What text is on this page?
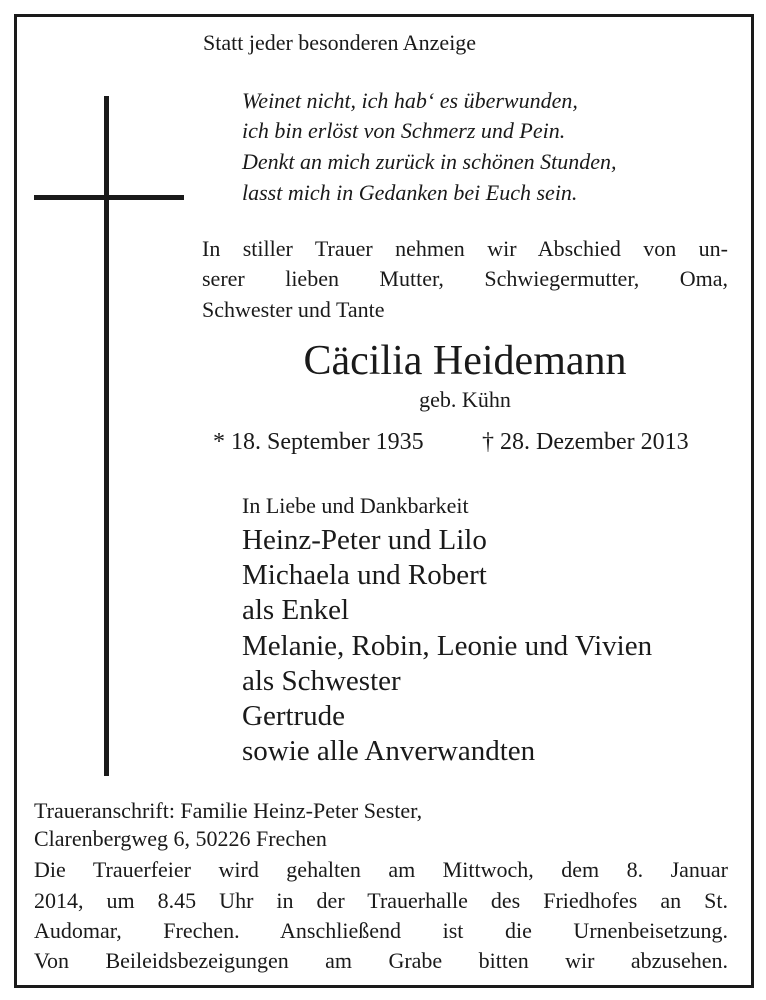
Statt jeder besonderen Anzeige
Weinet nicht, ich hab‘ es überwunden,
ich bin erlöst von Schmerz und Pein.
Denkt an mich zurück in schönen Stunden,
lasst mich in Gedanken bei Euch sein.
In stiller Trauer nehmen wir Abschied von un-
serer lieben Mutter, Schwiegermutter, Oma,
Schwester und Tante
Cäcilia Heidemann
geb. Kühn
* 18. September 1935 † 28. Dezember 2013
In Liebe und Dankbarkeit
Heinz-Peter und Lilo
Michaela und Robert
als Enkel
Melanie, Robin, Leonie und Vivien
als Schwester
Gertrude
sowie alle Anverwandten
Traueranschrift: Familie Heinz-Peter Sester,
Clarenbergweg 6, 50226 Frechen
Die Trauerfeier wird gehalten am Mittwoch, dem 8. Januar
2014, um 8.45 Uhr in der Trauerhalle des Friedhofes an St.
Audomar, Frechen. Anschließend ist die Urnenbeisetzung.
Von Beileidsbezeigungen am Grabe bitten wir abzusehen.
